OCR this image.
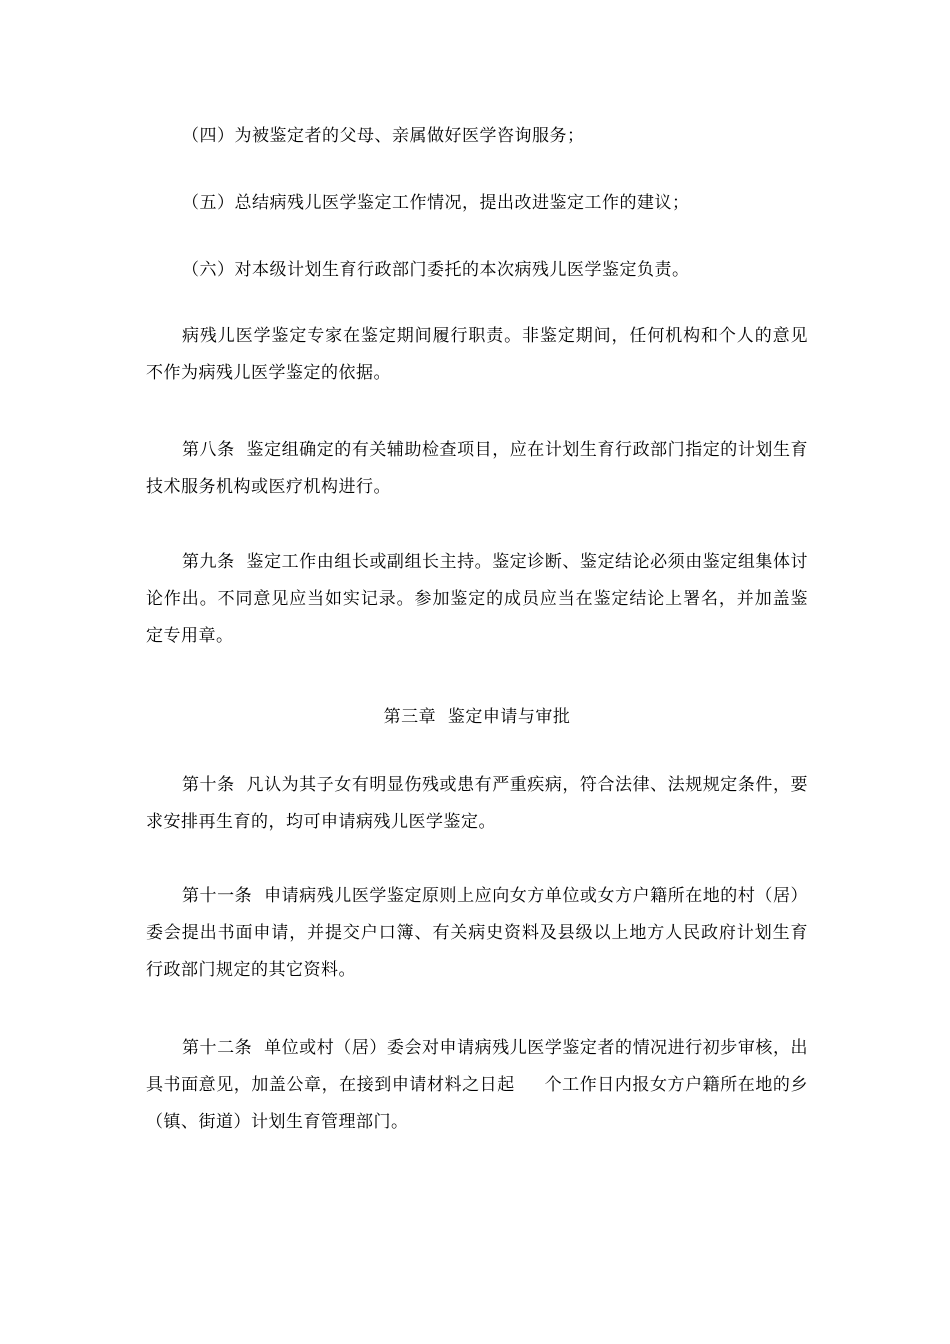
（四）为被鉴定者的父母、亲属做好医学咨询服务；

（五）总结病残儿医学鉴定工作情况，提出改进鉴定工作的建议；

（六）对本级计划生育行政部门委托的本次病残儿医学鉴定负责。

病残儿医学鉴定专家在鉴定期间履行职责。非鉴定期间，任何机构和个人的意见不作为病残儿医学鉴定的依据。

第八条  鉴定组确定的有关辅助检查项目，应在计划生育行政部门指定的计划生育技术服务机构或医疗机构进行。

第九条  鉴定工作由组长或副组长主持。鉴定诊断、鉴定结论必须由鉴定组集体讨论作出。不同意见应当如实记录。参加鉴定的成员应当在鉴定结论上署名，并加盖鉴定专用章。

第三章  鉴定申请与审批

第十条  凡认为其子女有明显伤残或患有严重疾病，符合法律、法规规定条件，要求安排再生育的，均可申请病残儿医学鉴定。

第十一条  申请病残儿医学鉴定原则上应向女方单位或女方户籍所在地的村（居）委会提出书面申请，并提交户口簿、有关病史资料及县级以上地方人民政府计划生育行政部门规定的其它资料。

第十二条  单位或村（居）委会对申请病残儿医学鉴定者的情况进行初步审核，出具书面意见，加盖公章，在接到申请材料之日起     个工作日内报女方户籍所在地的乡（镇、街道）计划生育管理部门。
